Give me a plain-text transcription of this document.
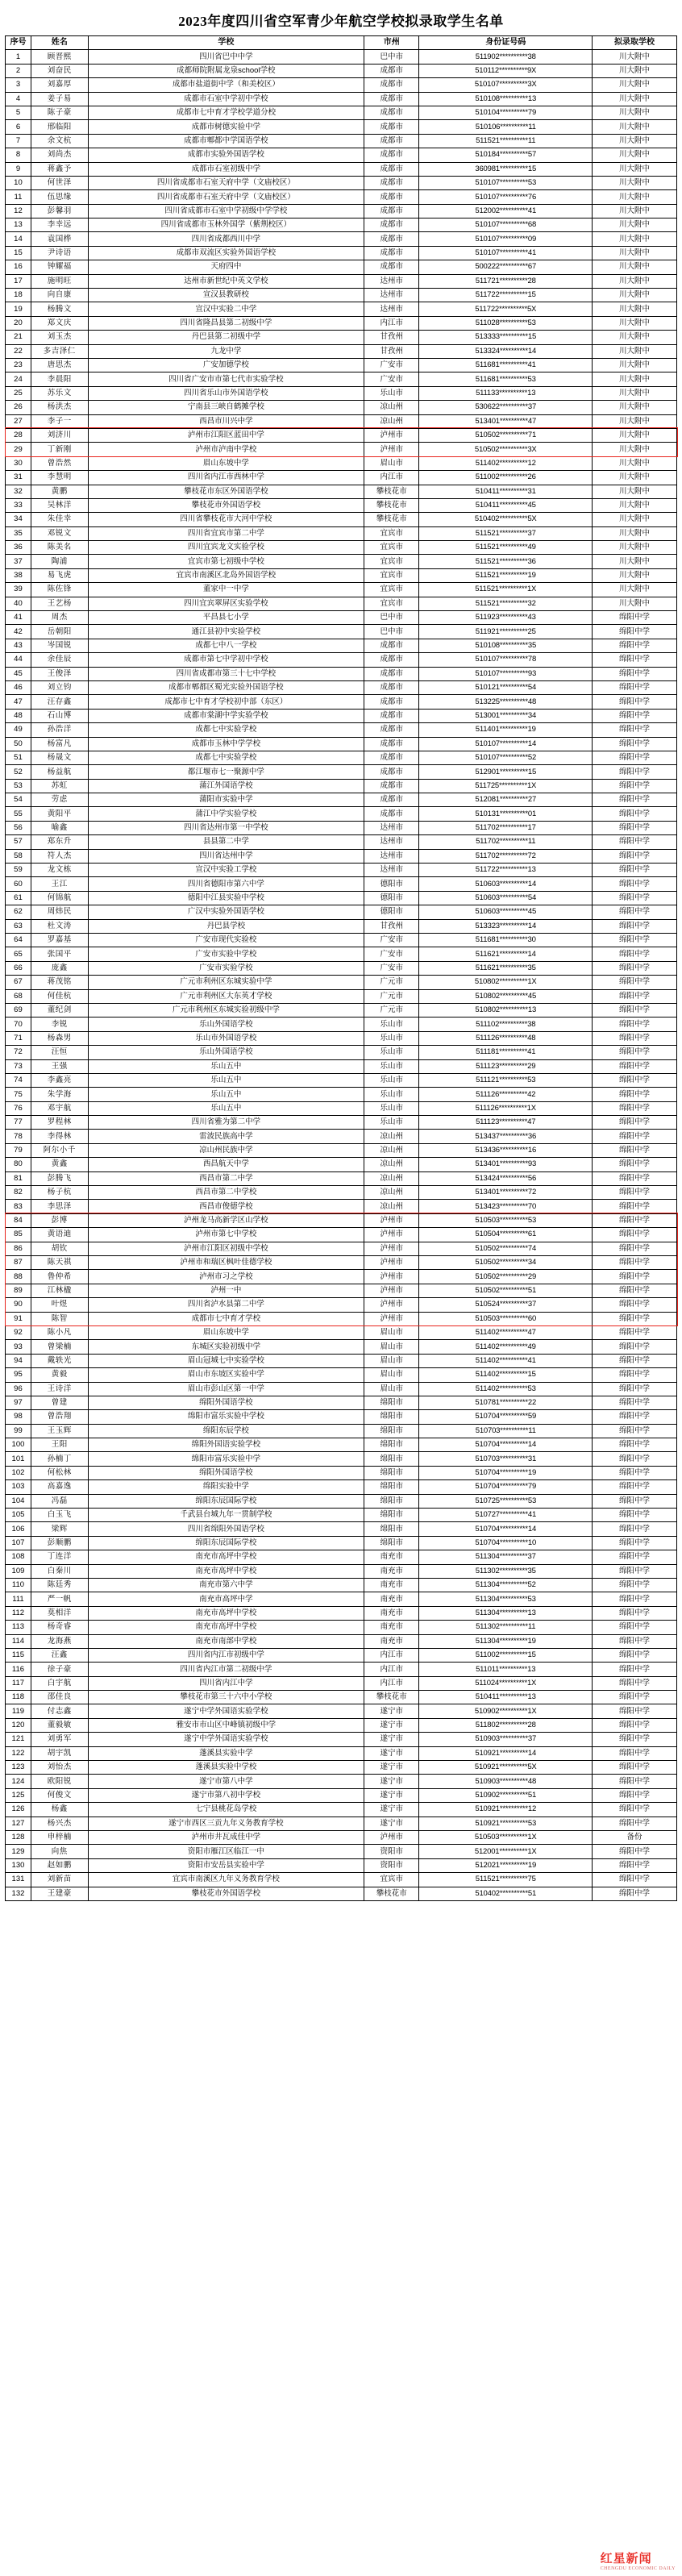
2023年度四川省空军青少年航空学校拟录取学生名单
序号	姓名	学校	市州	身份证号码	拟录取学校
1	顾晋熙	四川省巴中中学	巴中市	511902**********38	川大附中
2	刘奋民	成都师院附属龙泉school学校	成都市	510112**********9X	川大附中
3	刘嘉厚	成都市盐道街中学（和美校区）	成都市	510107**********3X	川大附中
4	姜子易	成都市石室中学初中学校	成都市	510108**********13	川大附中
5	陈子豪	成都市七中育才学校学道分校	成都市	510104**********79	川大附中
6	邢临阳	成都市树德实验中学	成都市	510106**********11	川大附中
7	余文杭	成都市郫都中学国语学校	成都市	511521**********11	川大附中
8	刘尚杰	成都市实验外国语学校	成都市	510184**********57	川大附中
9	蒋鑫予	成都市石室初级中学	成都市	360981**********15	川大附中
10	何世泽	四川省成都市石室天府中学（文庙校区）	成都市	510107**********53	川大附中
11	伍思缘	四川省成都市石室天府中学（文庙校区）	成都市	510107**********76	川大附中
12	彭馨羽	四川省成都市石室中学初级中学学校	成都市	512002**********41	川大附中
13	李幸远	四川省成都市玉林外国学（紫荆校区）	成都市	510107**********68	川大附中
14	袁国桦	四川省成都西川中学	成都市	510107**********09	川大附中
15	尹诗语	成都市双流区实验外国语学校	成都市	510107**********41	川大附中
16	钟耀福	天府四中	成都市	500222**********67	川大附中
17	施明旺	达州市新世纪中英文学校	达州市	511721**********28	川大附中
18	向自康	宣汉县教研校	达州市	511722**********15	川大附中
19	杨腾文	宣汉中实验二中学	达州市	511722**********5X	川大附中
20	郑文庆	四川省隆昌县第二初级中学	内江市	511028**********53	川大附中
21	刘玉杰	丹巴县第二初级中学	甘孜州	513333**********15	川大附中
22	多吉泽仁	九龙中学	甘孜州	513324**********14	川大附中
23	唐思杰	广安加德学校	广安市	511681**********41	川大附中
24	李晨阳	四川省广安市市第七代市实验学校	广安市	511681**********53	川大附中
25	苏乐文	四川省乐山市外国语学校	乐山市	511133**********13	川大附中
26	杨洪杰	宁南县三峡自鹤摊学校	凉山州	530622**********37	川大附中
27	李子一	西昌市川兴中学	凉山州	513401**********47	川大附中
28	刘济川	泸州市江阳区蓝田中学	泸州市	510502**********71	川大附中
29	丁新刚	泸州市泸南中学校	泸州市	510502**********3X	川大附中
30	曾浩然	眉山东坡中学	眉山市	511402**********12	川大附中
31	李慧明	四川省内江市西林中学	内江市	511002**********26	川大附中
32	黄鹏	攀枝花市东区外国语学校	攀枝花市	510411**********31	川大附中
33	吴林洋	攀枝花市外国语学校	攀枝花市	510411**********45	川大附中
34	朱佳幸	四川省攀枝花市大河中学校	攀枝花市	510402**********5X	川大附中
35	邓锐文	四川省宜宾市第二中学	宜宾市	511521**********37	川大附中
36	陈美名	四川宜宾龙文实验学校	宜宾市	511521**********49	川大附中
37	陶浦	宜宾市第七初级中学校	宜宾市	511521**********36	川大附中
38	易飞虎	宜宾市南溪区北岛外国语学校	宜宾市	511521**********19	川大附中
39	陈佐锋	董家中一中学	宜宾市	511521**********1X	川大附中
40	王艺杨	四川宜宾翠屏区实验学校	宜宾市	511521**********32	川大附中
41	周杰	平昌县七小学	巴中市	511923**********43	绵阳中学
42	岳朝阳	通江县初中实验学校	巴中市	511921**********25	绵阳中学
43	岑国锐	成都七中八一学校	成都市	510108**********35	绵阳中学
44	余佳辰	成都市第七中学初中学校	成都市	510107**********78	绵阳中学
45	王俊泽	四川省成都市第三十七中学校	成都市	510107**********93	绵阳中学
46	刘立钧	成都市郫都区蜀光实验外国语学校	成都市	510121**********54	绵阳中学
47	汪存鑫	成都市七中育才学校初中部（东区）	成都市	513225**********48	绵阳中学
48	石山博	成都市棠湖中学实验学校	成都市	513001**********34	绵阳中学
49	孙浩洋	成都七中实验学校	成都市	511401**********19	绵阳中学
50	杨富凡	成都市玉林中学学校	成都市	510107**********14	绵阳中学
51	杨晟文	成都七中实验学校	成都市	510107**********52	绵阳中学
52	杨益航	都江堰市七一聚源中学	成都市	512901**********15	绵阳中学
53	苏虹	蒲江外国语学校	成都市	511725**********1X	绵阳中学
54	劳虑	蒲阳市实验中学	成都市	512081**********27	绵阳中学
55	黄阳平	蒲江中学实验学校	成都市	510131**********01	绵阳中学
56	喻鑫	四川省达州市第一中学校	达州市	511702**********17	绵阳中学
57	郑东升	县县第二中学	达州市	511702**********11	绵阳中学
58	符人杰	四川省达州中学	达州市	511702**********72	绵阳中学
59	龙文栋	宣汉中实验工学校	达州市	511722**********13	绵阳中学
60	王江	四川省德阳市第六中学	德阳市	510603**********14	绵阳中学
61	何锦航	德阳中江县实验中学校	德阳市	510603**********54	绵阳中学
62	周炜民	广汉中实验外国语学校	德阳市	510603**********45	绵阳中学
63	杜文涛	丹巴县学校	甘孜州	513323**********14	绵阳中学
64	罗嘉基	广安市现代实验校	广安市	511681**********30	绵阳中学
65	张国平	广安市实验中学校	广安市	511621**********14	绵阳中学
66	庞鑫	广安市实验学校	广安市	511621**********35	绵阳中学
67	蒋茂铭	广元市利州区东城实验中学	广元市	510802**********1X	绵阳中学
68	何佳杭	广元市利州区大东英才学校	广元市	510802**********45	绵阳中学
69	董纪剑	广元市利州区东城实验初级中学	广元市	510802**********13	绵阳中学
70	李锐	乐山外国语学校	乐山市	511102**********38	绵阳中学
71	杨森男	乐山市外国语学校	乐山市	511126**********48	绵阳中学
72	汪恒	乐山外国语学校	乐山市	511181**********41	绵阳中学
73	王强	乐山五中	乐山市	511123**********29	绵阳中学
74	李鑫亮	乐山五中	乐山市	511121**********53	绵阳中学
75	朱学海	乐山五中	乐山市	511126**********42	绵阳中学
76	邓宇航	乐山五中	乐山市	511126**********1X	绵阳中学
77	罗程林	四川省雅为第二中学	乐山市	511123**********47	绵阳中学
78	李得林	雷波民族高中学	凉山州	513437**********36	绵阳中学
79	阿尔小千	凉山州民族中学	凉山州	513436**********16	绵阳中学
80	黄鑫	西昌航天中学	凉山州	513401**********93	绵阳中学
81	彭腾飞	西昌市第二中学	凉山州	513424**********56	绵阳中学
82	杨子杭	西昌市第二中学校	凉山州	513401**********72	绵阳中学
83	李思泽	西昌市俊德学校	凉山州	513423**********70	绵阳中学
84	彭博	泸州龙马高新学区山学校	泸州市	510503**********53	绵阳中学
85	黄语迪	泸州市第七中学校	泸州市	510504**********61	绵阳中学
86	胡钦	泸州市江阳区初级中学校	泸州市	510502**********74	绵阳中学
87	陈天祺	泸州市和瑞区枫叶佳德学校	泸州市	510502**********34	绵阳中学
88	鲁仲希	泸州市习之学校	泸州市	510502**********29	绵阳中学
89	江林楹	泸州一中	泸州市	510502**********51	绵阳中学
90	叶煜	四川省泸水县第二中学	泸州市	510524**********37	绵阳中学
91	陈智	成都市七中育才学校	泸州市	510503**********60	绵阳中学
92	陈小凡	眉山东坡中学	眉山市	511402**********47	绵阳中学
93	曾梁楠	东城区实验初级中学	眉山市	511402**********49	绵阳中学
94	戴轶光	眉山冠城七中实验学校	眉山市	511402**********41	绵阳中学
95	黄毅	眉山市东坡区实验中学	眉山市	511402**********15	绵阳中学
96	王诗洋	眉山市彭山区第一中学	眉山市	511402**********53	绵阳中学
97	曾建	绵阳外国语学校	绵阳市	510781**********22	绵阳中学
98	曾浩翔	绵阳市富乐实验中学校	绵阳市	510704**********59	绵阳中学
99	王玉辉	绵阳东辰学校	绵阳市	510703**********11	绵阳中学
100	王阳	绵阳外国语实验学校	绵阳市	510704**********14	绵阳中学
101	孙楠丁	绵阳市富乐实验中学	绵阳市	510703**********31	绵阳中学
102	何松林	绵阳外国语学校	绵阳市	510704**********19	绵阳中学
103	高嘉逸	绵阳实验中学	绵阳市	510704**********79	绵阳中学
104	冯磊	绵阳东辰国际学校	绵阳市	510725**********53	绵阳中学
105	白玉飞	千武县台城九年一贯制学校	绵阳市	510727**********41	绵阳中学
106	梁辉	四川省绵阳外国语学校	绵阳市	510704**********14	绵阳中学
107	彭顺鹏	绵阳东辰国际学校	绵阳市	510704**********10	绵阳中学
108	丁连洋	南充市高坪中学校	南充市	511304**********37	绵阳中学
109	白秦川	南充市高坪中学校	南充市	511302**********35	绵阳中学
110	陈廷秀	南充市第六中学	南充市	511304**********52	绵阳中学
111	严一帆	南充市高坪中学	南充市	511304**********53	绵阳中学
112	莫相洋	南充市高坪中学校	南充市	511304**********13	绵阳中学
113	杨奇睿	南充市高坪中学校	南充市	511302**********11	绵阳中学
114	龙海燕	南充市南部中学校	南充市	511304**********19	绵阳中学
115	汪鑫	四川省内江市初级中学	内江市	511002**********15	绵阳中学
116	徐子豪	四川省内江市第二初级中学	内江市	511011**********13	绵阳中学
117	白宇航	四川省内江中学	内江市	511024**********1X	绵阳中学
118	邵佳良	攀枝花市第三十六中小学校	攀枝花市	510411**********13	绵阳中学
119	付志鑫	遂宁中学外国语实验学校	遂宁市	510902**********1X	绵阳中学
120	董毅敏	雅安市市山区中峰镇初级中学	遂宁市	511802**********28	绵阳中学
121	刘勇军	遂宁中学外国语实验学校	遂宁市	510903**********37	绵阳中学
122	胡宇凯	蓬溪县实验中学	遂宁市	510921**********14	绵阳中学
123	刘怡杰	蓬溪县实验中学校	遂宁市	510921**********5X	绵阳中学
124	欧阳锐	遂宁市第八中学	遂宁市	510903**********48	绵阳中学
125	何俊文	遂宁市第八初中学校	遂宁市	510902**********51	绵阳中学
126	杨鑫	七宁县桃花岛学校	遂宁市	510921**********12	绵阳中学
127	杨兴杰	遂宁市西区三贡九年义务教育学校	遂宁市	510921**********53	绵阳中学
128	申梓楠	泸州市井瓦成佳中学	泸州市	510503**********1X	备份
129	向焦	资阳市雁江区临江一中	资阳市	512001**********1X	绵阳中学
130	赵如鹏	资阳市安岳县实验中学	资阳市	512021**********19	绵阳中学
131	刘新苗	宜宾市南溪区九年义务教育学校	宜宾市	511521**********75	绵阳中学
132	王建豪	攀枝花市外国语学校	攀枝花市	510402**********51	绵阳中学
红星新闻
CHENGDU ECONOMIC DAILY
